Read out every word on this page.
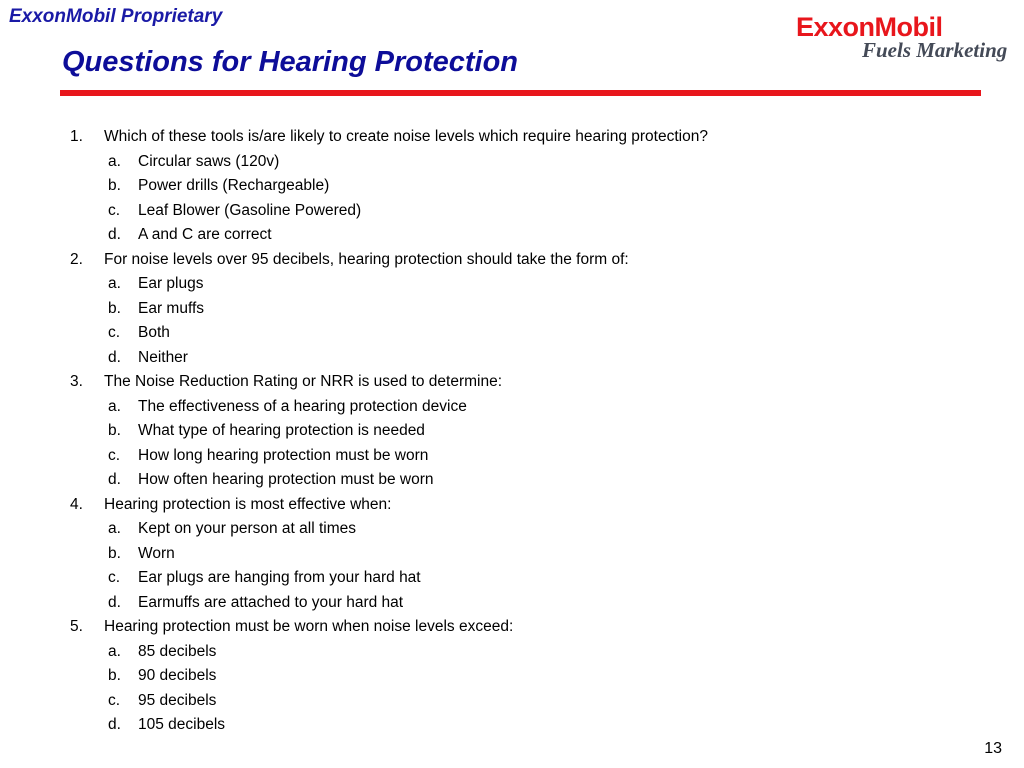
ExxonMobil Proprietary	ExxonMobil
Fuels Marketing
Questions for Hearing Protection
1. Which of these tools is/are likely to create noise levels which require hearing protection?
a. Circular saws (120v)
b. Power drills (Rechargeable)
c. Leaf Blower (Gasoline Powered)
d. A and C are correct
2. For noise levels over 95 decibels, hearing protection should take the form of:
a. Ear plugs
b. Ear muffs
c. Both
d. Neither
3. The Noise Reduction Rating or NRR is used to determine:
a. The effectiveness of a hearing protection device
b. What type of hearing protection is needed
c. How long hearing protection must be worn
d. How often hearing protection must be worn
4. Hearing protection is most effective when:
a. Kept on your person at all times
b. Worn
c. Ear plugs are hanging from your hard hat
d. Earmuffs are attached to your hard hat
5. Hearing protection must be worn when noise levels exceed:
a. 85 decibels
b. 90 decibels
c. 95 decibels
d. 105 decibels
13
